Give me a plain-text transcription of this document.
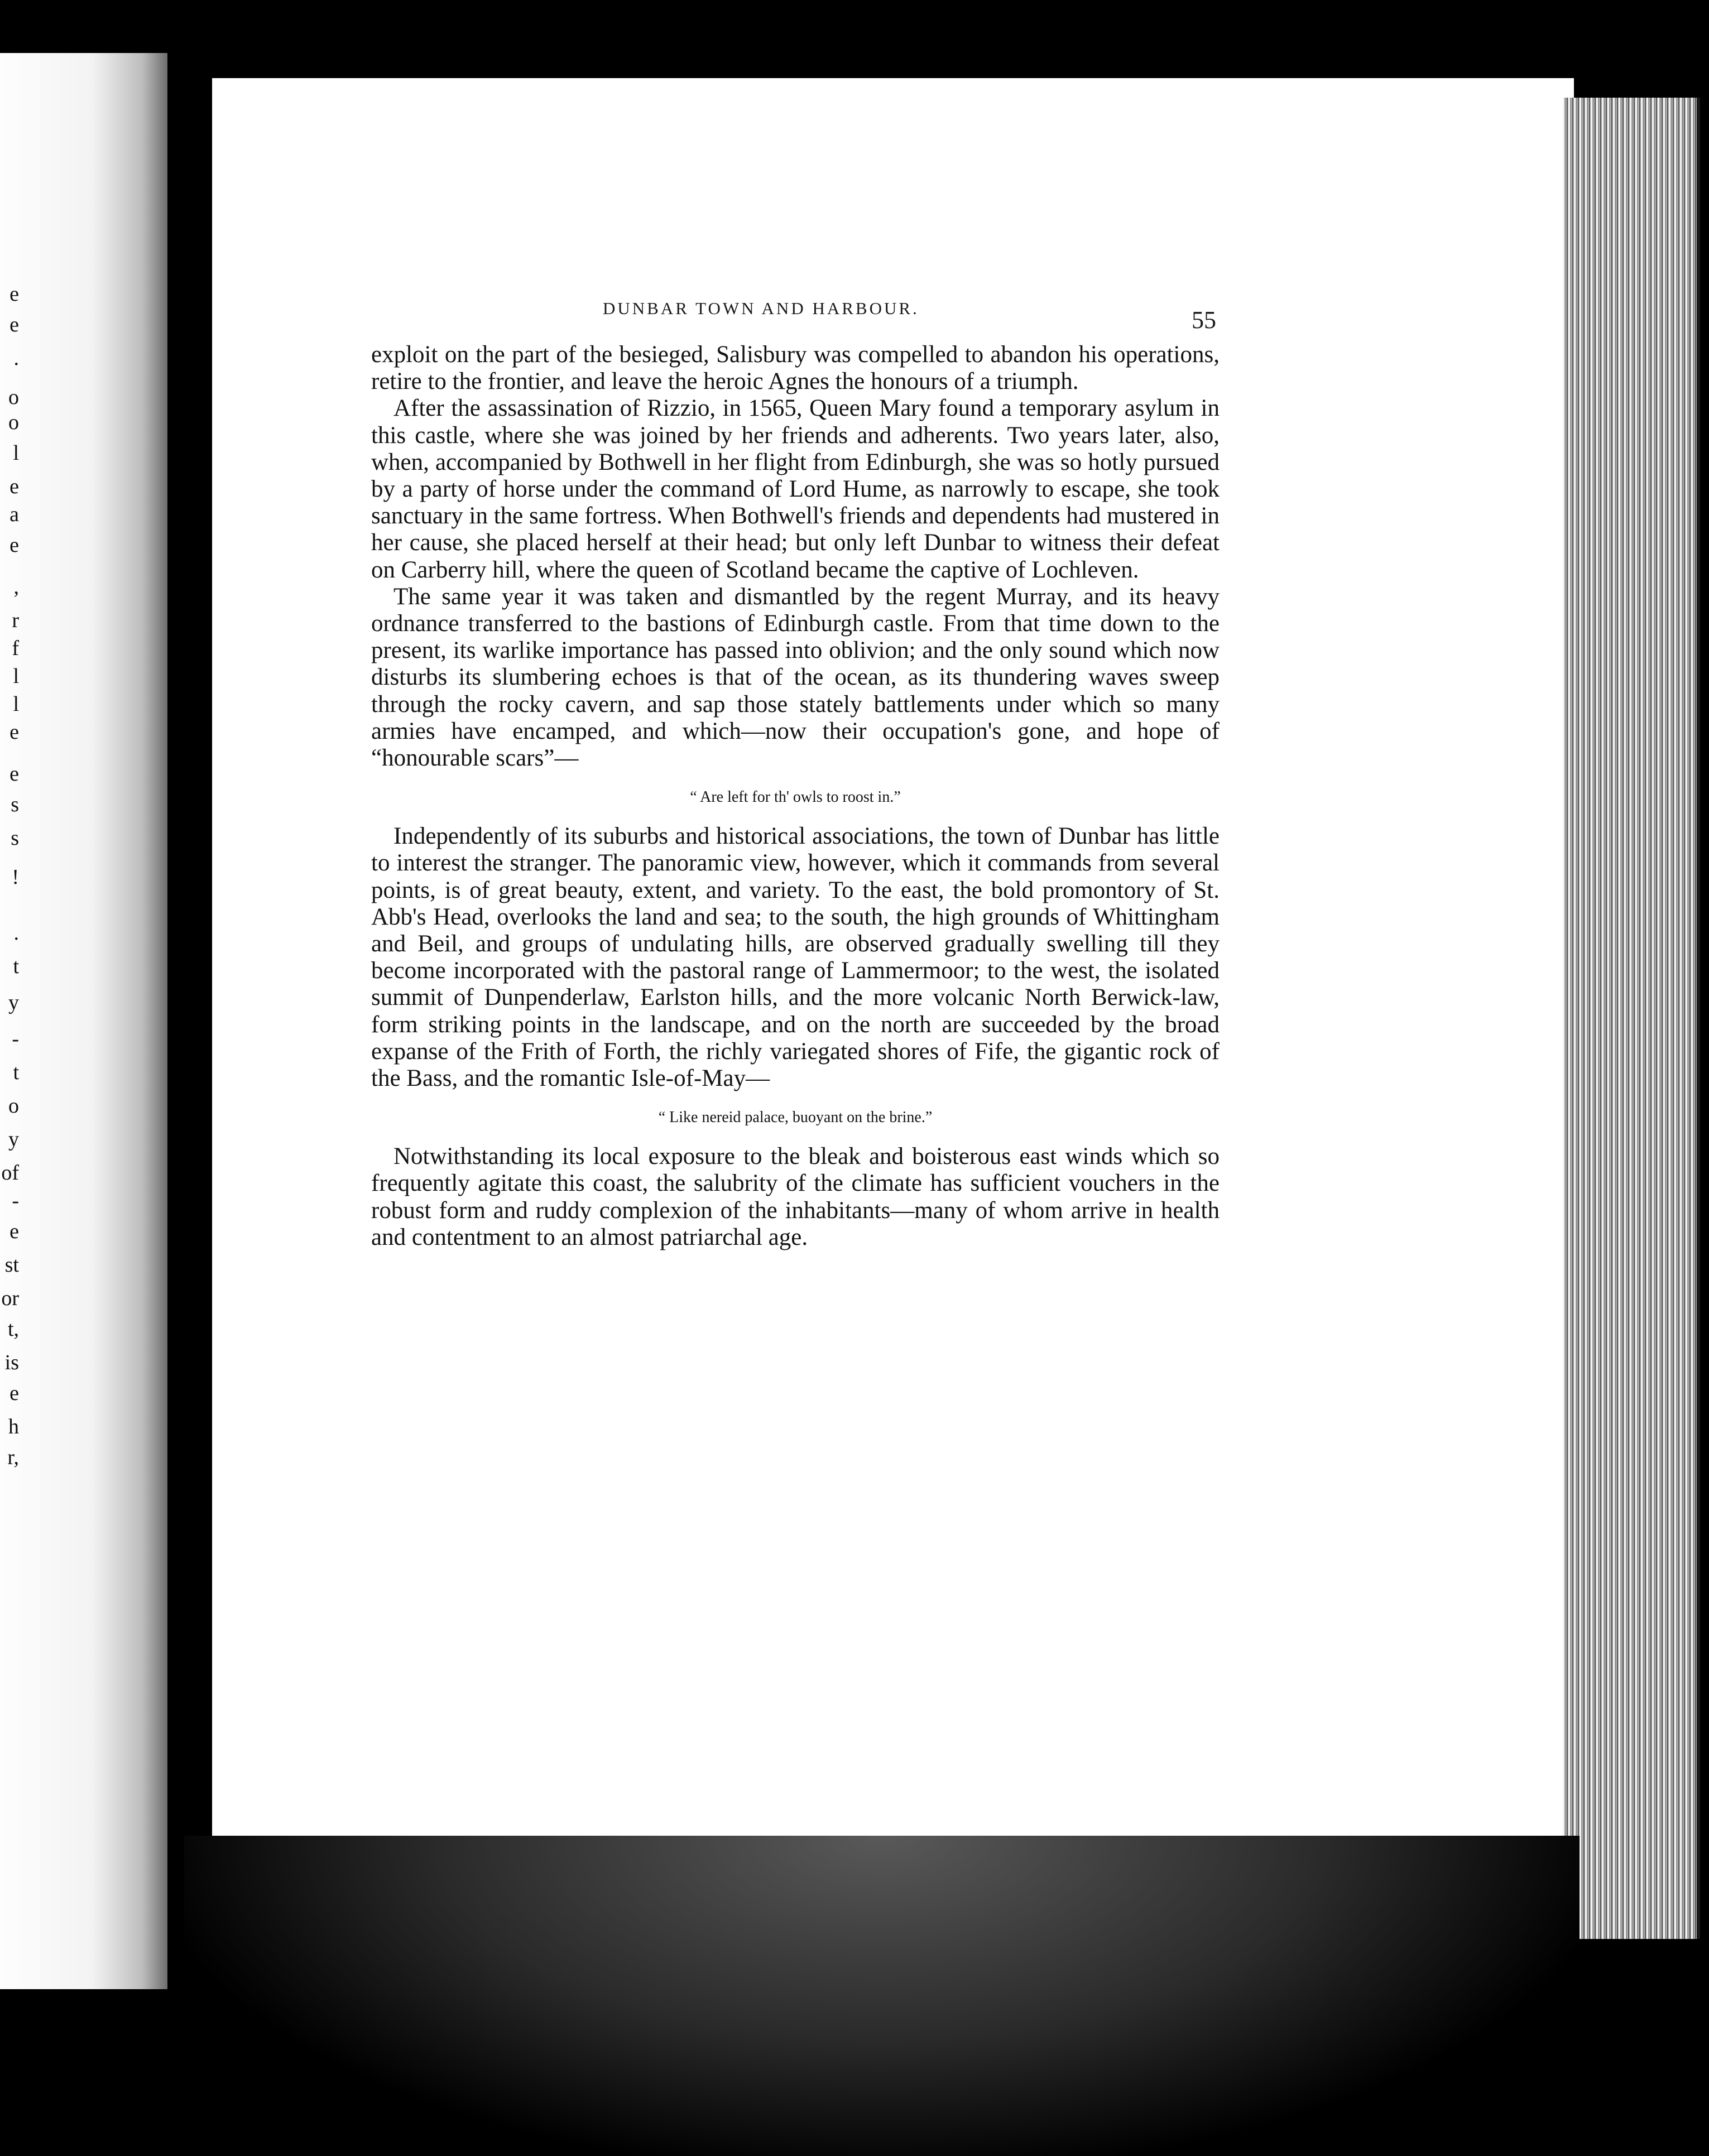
e
e
.
o
o
l
e
a
e
,
r
f
l
l
e
e
s
s
!
.
t
y
-
t
o
y
of
-
e
st
or
t,
is
e
h
r,
DUNBAR TOWN AND HARBOUR.	55

exploit on the part of the besieged, Salisbury was compelled to abandon his operations, retire to the frontier, and leave the heroic Agnes the honours of a triumph.

After the assassination of Rizzio, in 1565, Queen Mary found a temporary asylum in this castle, where she was joined by her friends and adherents. Two years later, also, when, accompanied by Bothwell in her flight from Edinburgh, she was so hotly pursued by a party of horse under the command of Lord Hume, as narrowly to escape, she took sanctuary in the same fortress. When Bothwell's friends and dependents had mustered in her cause, she placed herself at their head; but only left Dunbar to witness their defeat on Carberry hill, where the queen of Scotland became the captive of Lochleven.

The same year it was taken and dismantled by the regent Murray, and its heavy ordnance transferred to the bastions of Edinburgh castle. From that time down to the present, its warlike importance has passed into oblivion; and the only sound which now disturbs its slumbering echoes is that of the ocean, as its thundering waves sweep through the rocky cavern, and sap those stately battlements under which so many armies have encamped, and which—now their occupation's gone, and hope of “honourable scars”—

“ Are left for th' owls to roost in.”

Independently of its suburbs and historical associations, the town of Dunbar has little to interest the stranger. The panoramic view, however, which it commands from several points, is of great beauty, extent, and variety. To the east, the bold promontory of St. Abb's Head, overlooks the land and sea; to the south, the high grounds of Whittingham and Beil, and groups of undulating hills, are observed gradually swelling till they become incorporated with the pastoral range of Lammermoor; to the west, the isolated summit of Dunpenderlaw, Earlston hills, and the more volcanic North Berwick-law, form striking points in the landscape, and on the north are succeeded by the broad expanse of the Frith of Forth, the richly variegated shores of Fife, the gigantic rock of the Bass, and the romantic Isle-of-May—

“ Like nereid palace, buoyant on the brine.”

Notwithstanding its local exposure to the bleak and boisterous east winds which so frequently agitate this coast, the salubrity of the climate has sufficient vouchers in the robust form and ruddy complexion of the inhabitants—many of whom arrive in health and contentment to an almost patriarchal age.
